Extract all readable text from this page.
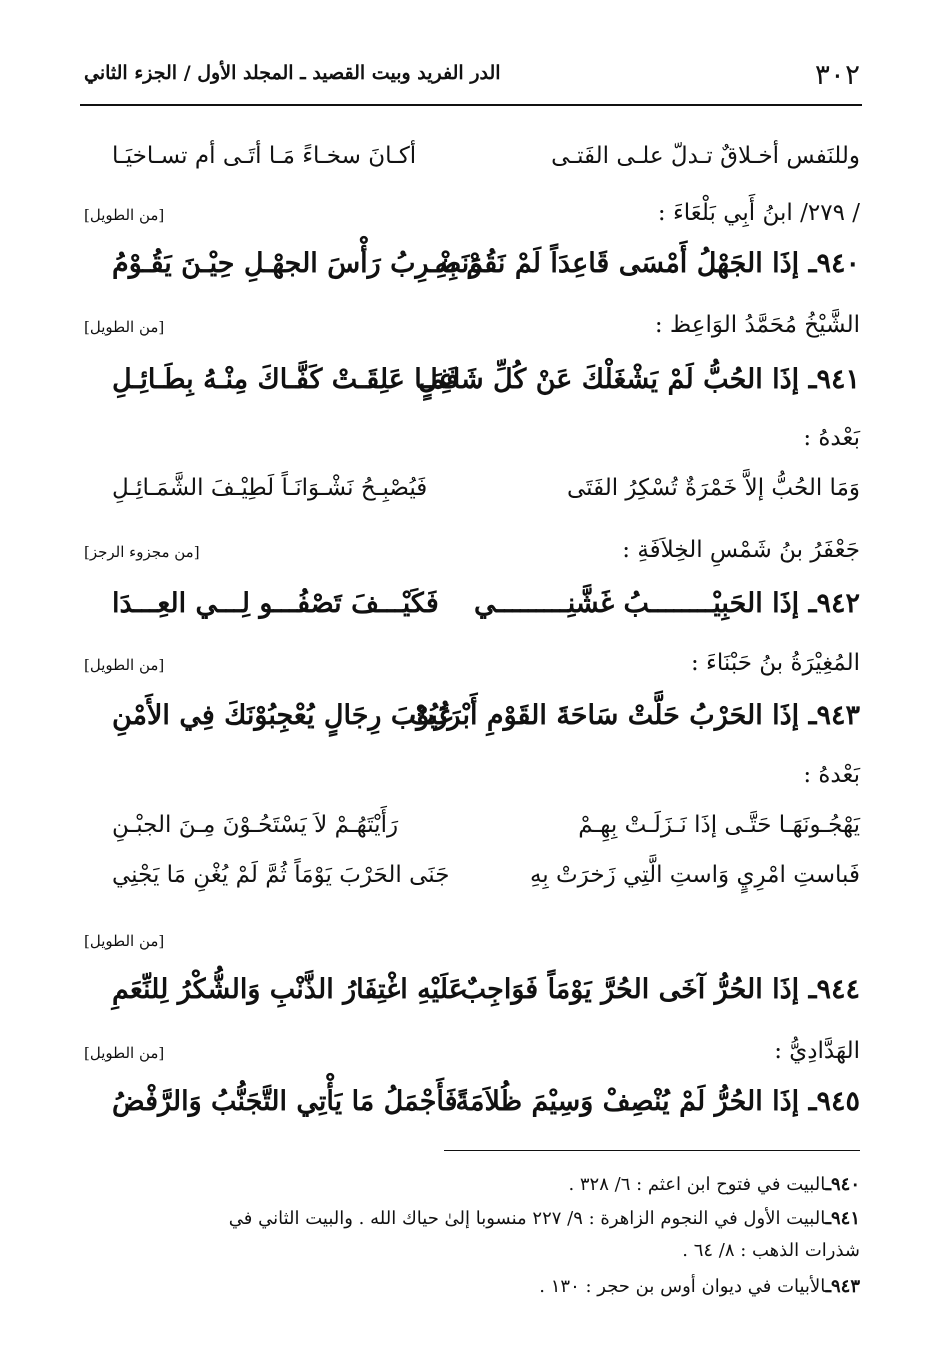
٣٠٢
الدر الفريد وبيت القصيد ـ المجلد الأول / الجزء الثاني
وللنَفس أخـلاقٌ تـدلّ علـى الفَتـى
أكـانَ سخـاءً مَـا أتَـى أم تسـاخيَـا
/ ٢٧٩/ ابنُ أَبِي بَلْعَاءَ :
[من الطويل]
٩٤٠ـ إذَا الجَهْلُ أَمْسَى قَاعِدَاً لَمْ نَقُمْ بِهِ
وَنَضْـرِبُ رَأْسَ الجهْـلِ حِيْـنَ يَقُـوْمُ
الشَّيْخُ مُحَمَّدُ الوَاعِظ :
[من الطويل]
٩٤١ـ إذَا الحُبُّ لَمْ يَشْغَلْكَ عَنْ كُلِّ شَاغِلٍ
فَمَـا عَلِقَـتْ كَفَّـاكَ مِنْـهُ بِطَـائِـلِ
بَعْدهُ :
وَمَا الحُبُّ إلاَّ خَمْرَةٌ تُسْكِرُ الفَتَى
فَيُصْبِـحُ نَشْـوَانَـاً لَطِيْـفَ الشَّمَـائِـلِ
جَعْفَرُ بنُ شَمْسِ الخِلاَفَةِ :
[من مجزوء الرجز]
٩٤٢ـ إذَا الحَبِيْــــــــبُ غَشَّنِـــــــــي
فَكَيْـــفَ تَصْفُـــو لِـــي العِـــدَا
المُغِيْرَةُ بنُ حَبْنَاءَ :
[من الطويل]
٩٤٣ـ إذَا الحَرْبُ حَلَّتْ سَاحَةَ القَوْمِ أَبْرَزَتْ
عُيُوْبَ رِجَالٍ يُعْجِبُوْنَكَ فِي الأَمْنِ
بَعْدهُ :
يَهْجُـونَهَـا حَتَّـى إذَا نَـزَلَـتْ بِهِـمْ
رَأَيْتَهُـمْ لاَ يَسْتَحُـوْنَ مِـنَ الجبْـنِ
فَباستِ امْرِيٍ وَاستِ الَّتِي زَخرَتْ بِهِ
جَنَى الحَرْبَ يَوْمَاً ثُمَّ لَمْ يُغْنِ مَا يَجْنِي
[من الطويل]
٩٤٤ـ إذَا الحُرُّ آخَى الحُرَّ يَوْمَاً فَوَاجِبٌ
عَلَيْهِ اغْتِفَارُ الذَّنْبِ وَالشُّكْرُ لِلنِّعَمِ
الهَدَّادِيُّ :
[من الطويل]
٩٤٥ـ إذَا الحُرُّ لَمْ يُنْصِفْ وَسِيْمَ ظُلاَمَةً
فَأَجْمَلُ مَا يَأْتِي التَّجَنُّبُ وَالرَّفْضُ
٩٤٠ـالبيت في فتوح ابن اعثم : ٦/ ٣٢٨ .
٩٤١ـالبيت الأول في النجوم الزاهرة : ٩/ ٢٢٧ منسوبا إلىٰ حياك الله . والبيت الثاني في
شذرات الذهب : ٨/ ٦٤ .
٩٤٣ـالأبيات في ديوان أوس بن حجر : ١٣٠ .
